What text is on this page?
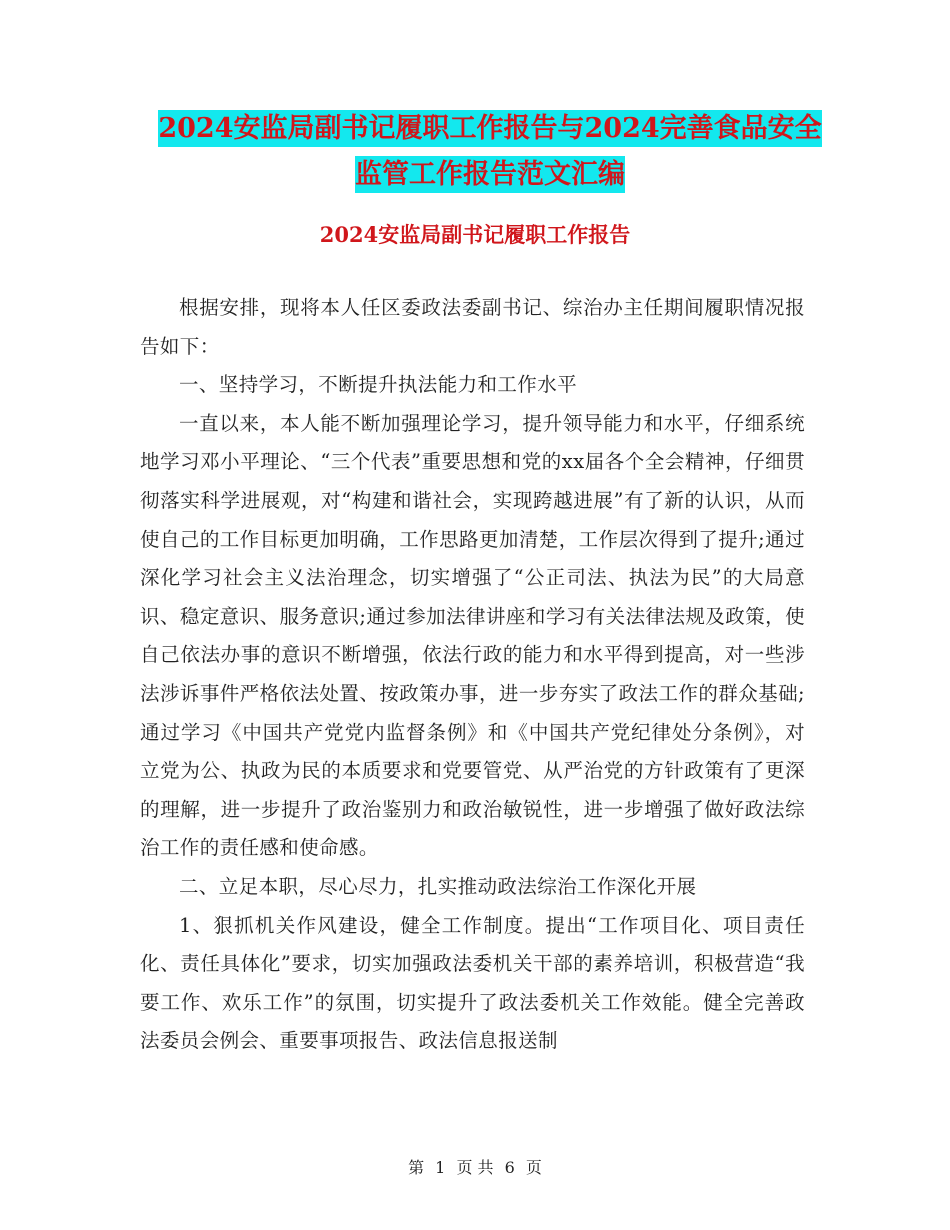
2024安监局副书记履职工作报告与2024完善食品安全
监管工作报告范文汇编
2024安监局副书记履职工作报告

根据安排，现将本人任区委政法委副书记、综治办主任期间履职情况报告如下：

一、坚持学习，不断提升执法能力和工作水平

一直以来，本人能不断加强理论学习，提升领导能力和水平，仔细系统地学习邓小平理论、“三个代表”重要思想和党的xx届各个全会精神，仔细贯彻落实科学进展观，对“构建和谐社会，实现跨越进展”有了新的认识，从而使自己的工作目标更加明确，工作思路更加清楚，工作层次得到了提升;通过深化学习社会主义法治理念，切实增强了“公正司法、执法为民”的大局意识、稳定意识、服务意识;通过参加法律讲座和学习有关法律法规及政策，使自己依法办事的意识不断增强，依法行政的能力和水平得到提高，对一些涉法涉诉事件严格依法处置、按政策办事，进一步夯实了政法工作的群众基础;通过学习《中国共产党党内监督条例》和《中国共产党纪律处分条例》，对立党为公、执政为民的本质要求和党要管党、从严治党的方针政策有了更深的理解，进一步提升了政治鉴别力和政治敏锐性，进一步增强了做好政法综治工作的责任感和使命感。

二、立足本职，尽心尽力，扎实推动政法综治工作深化开展

1、狠抓机关作风建设，健全工作制度。提出“工作项目化、项目责任化、责任具体化”要求，切实加强政法委机关干部的素养培训，积极营造“我要工作、欢乐工作”的氛围，切实提升了政法委机关工作效能。健全完善政法委员会例会、重要事项报告、政法信息报送制

第 1 页 共 6 页
